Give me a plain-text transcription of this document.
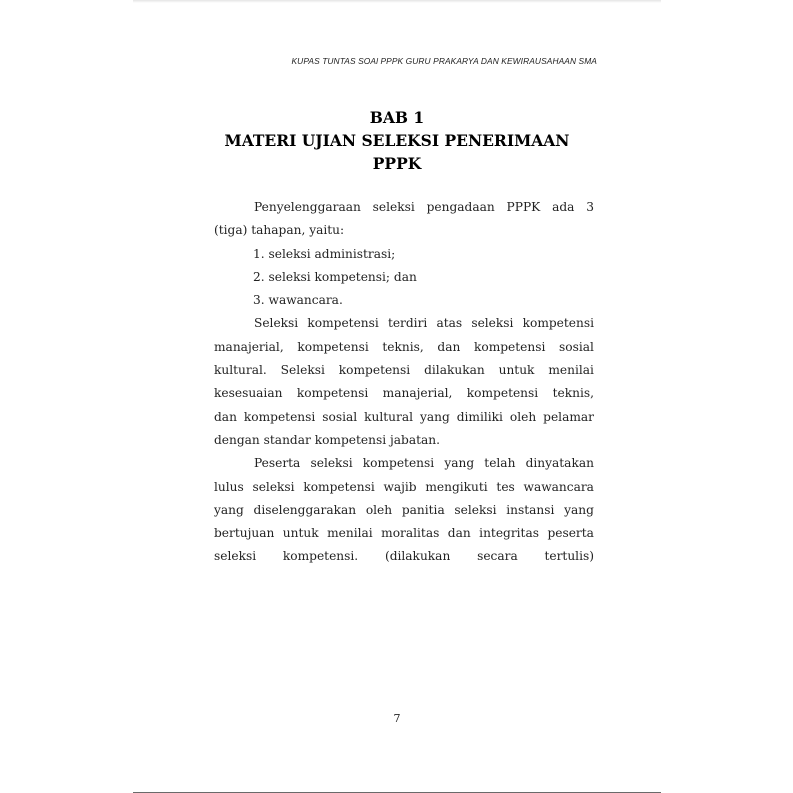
KUPAS TUNTAS SOAl PPPK GURU PRAKARYA DAN KEWIRAUSAHAAN SMA
BAB 1
MATERI UJIAN SELEKSI PENERIMAAN
PPPK
Penyelenggaraan seleksi pengadaan PPPK ada 3
(tiga) tahapan, yaitu:
1. seleksi administrasi;
2. seleksi kompetensi; dan
3. wawancara.
Seleksi kompetensi terdiri atas seleksi kompetensi
manajerial, kompetensi teknis, dan kompetensi sosial
kultural. Seleksi kompetensi dilakukan untuk menilai
kesesuaian kompetensi manajerial, kompetensi teknis,
dan kompetensi sosial kultural yang dimiliki oleh pelamar
dengan standar kompetensi jabatan.
Peserta seleksi kompetensi yang telah dinyatakan
lulus seleksi kompetensi wajib mengikuti tes wawancara
yang diselenggarakan oleh panitia seleksi instansi yang
bertujuan untuk menilai moralitas dan integritas peserta
seleksi kompetensi. (dilakukan secara tertulis)
7
